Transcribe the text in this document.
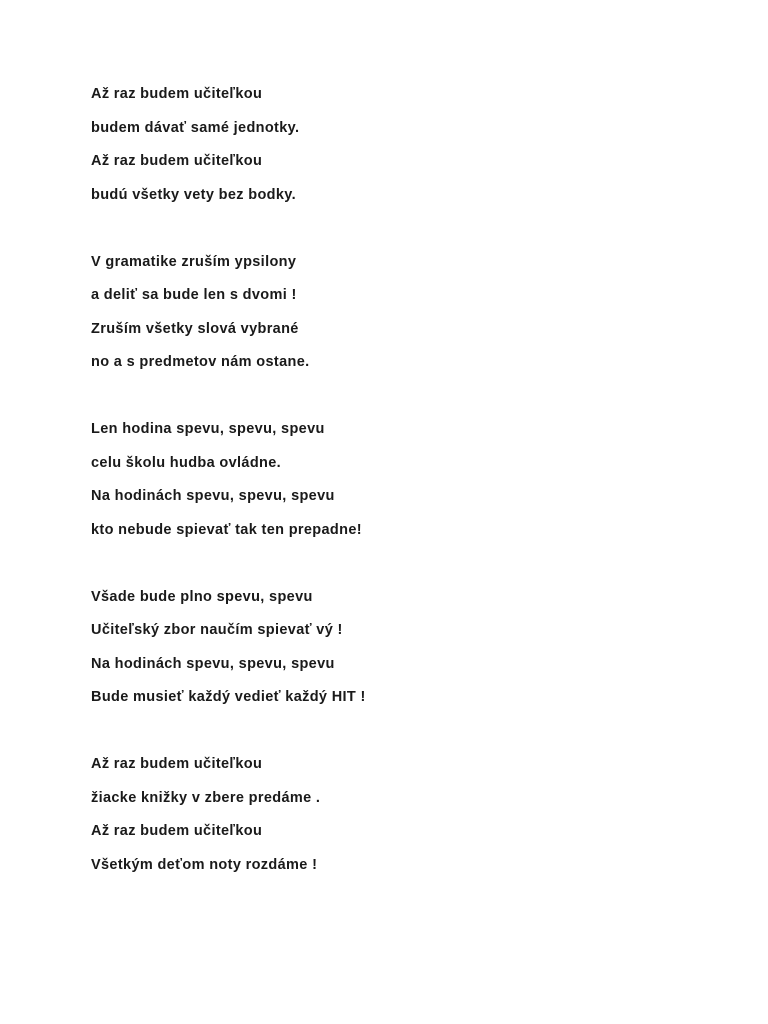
Až raz budem učiteľkou
budem dávať samé jednotky.
Až raz budem učiteľkou
budú všetky vety bez bodky.
V gramatike zruším ypsilony
a deliť sa bude len s dvomi !
Zruším všetky slová vybrané
no a s predmetov nám ostane.
Len hodina spevu, spevu, spevu
celu školu hudba ovládne.
Na hodinách spevu, spevu, spevu
kto nebude spievať tak ten prepadne!
Všade bude plno spevu, spevu
Učiteľský zbor naučím spievať vý !
Na hodinách spevu, spevu, spevu
Bude musieť každý vedieť každý HIT !
Až raz budem učiteľkou
žiacke knižky v zbere predáme .
Až raz budem učiteľkou
Všetkým deťom noty rozdáme !
